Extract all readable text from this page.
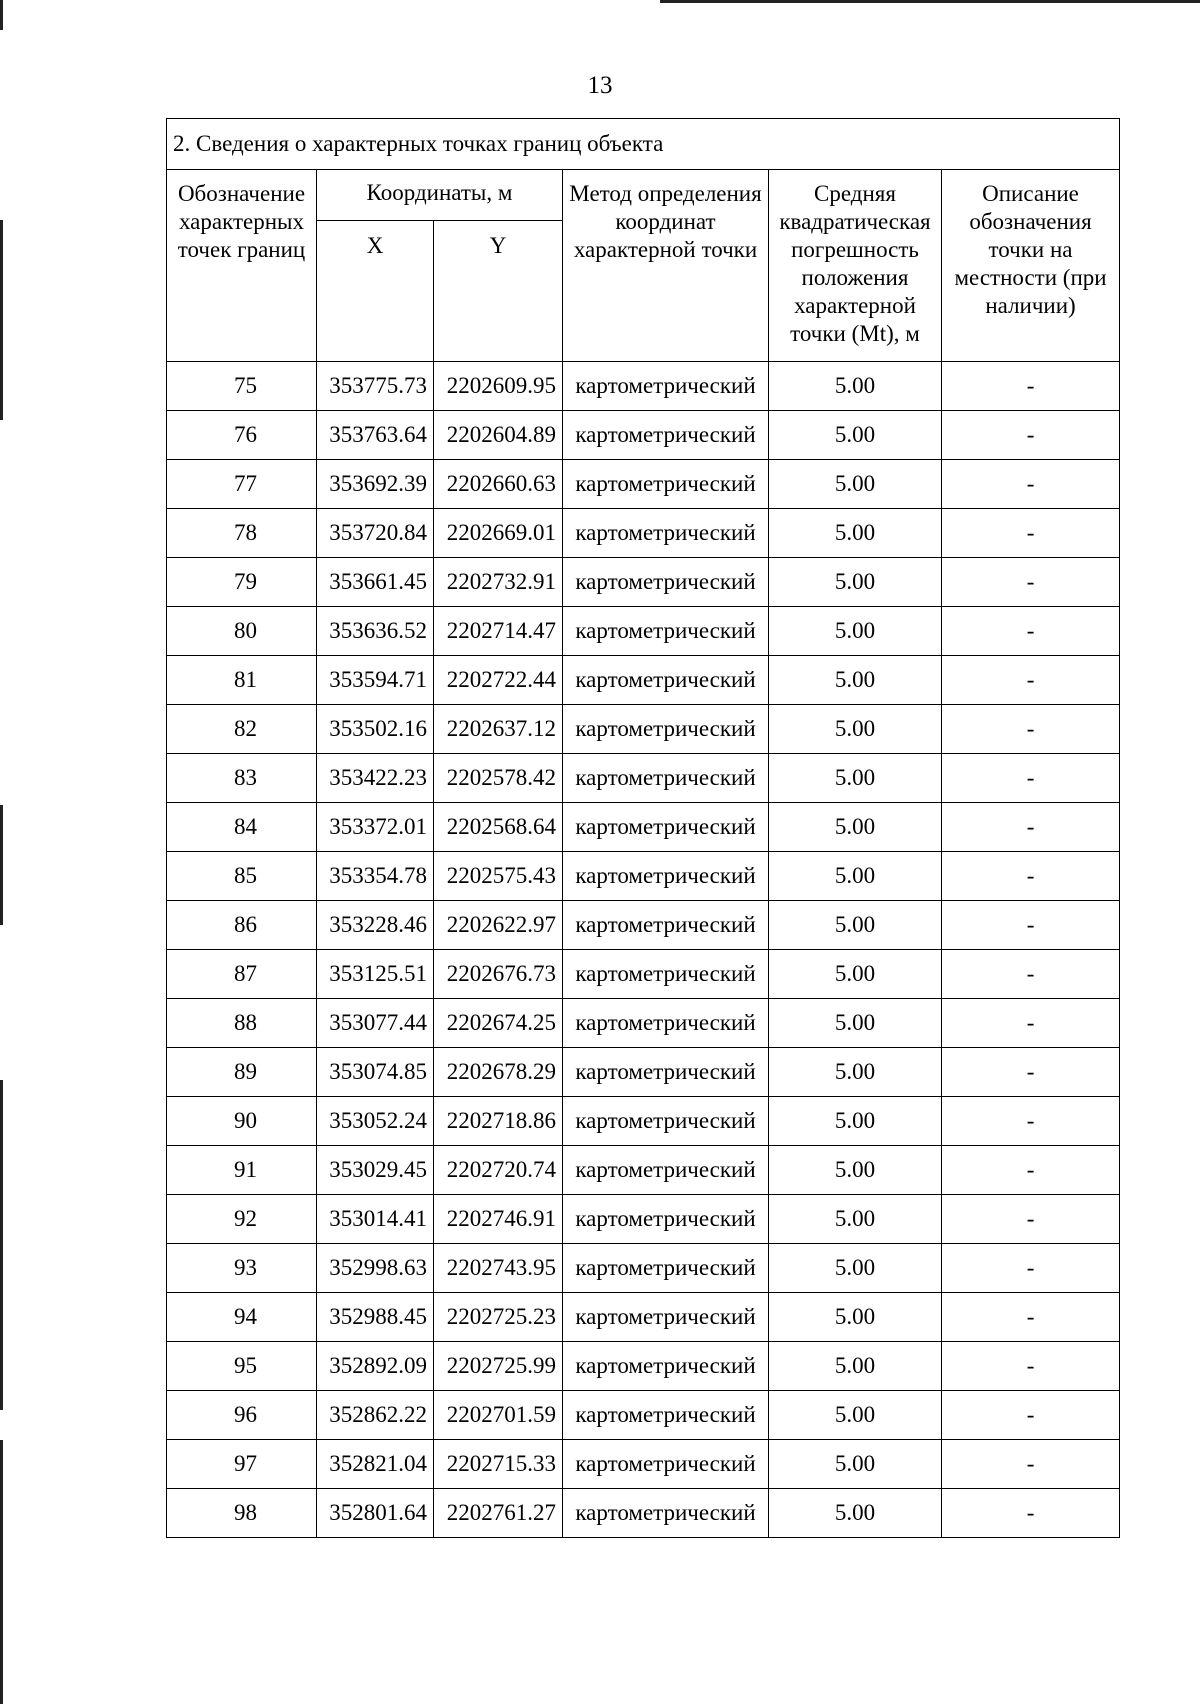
13
2. Сведения о характерных точках границ объекта					
Обозначение характерных точек границ	Координаты, м		Метод определения координат характерной точки	Средняя квадратическая погрешность положения характерной точки (Mt), м	Описание обозначения точки на местности (при наличии)
	X	Y			
75	353775.73	2202609.95	картометрический	5.00	-
76	353763.64	2202604.89	картометрический	5.00	-
77	353692.39	2202660.63	картометрический	5.00	-
78	353720.84	2202669.01	картометрический	5.00	-
79	353661.45	2202732.91	картометрический	5.00	-
80	353636.52	2202714.47	картометрический	5.00	-
81	353594.71	2202722.44	картометрический	5.00	-
82	353502.16	2202637.12	картометрический	5.00	-
83	353422.23	2202578.42	картометрический	5.00	-
84	353372.01	2202568.64	картометрический	5.00	-
85	353354.78	2202575.43	картометрический	5.00	-
86	353228.46	2202622.97	картометрический	5.00	-
87	353125.51	2202676.73	картометрический	5.00	-
88	353077.44	2202674.25	картометрический	5.00	-
89	353074.85	2202678.29	картометрический	5.00	-
90	353052.24	2202718.86	картометрический	5.00	-
91	353029.45	2202720.74	картометрический	5.00	-
92	353014.41	2202746.91	картометрический	5.00	-
93	352998.63	2202743.95	картометрический	5.00	-
94	352988.45	2202725.23	картометрический	5.00	-
95	352892.09	2202725.99	картометрический	5.00	-
96	352862.22	2202701.59	картометрический	5.00	-
97	352821.04	2202715.33	картометрический	5.00	-
98	352801.64	2202761.27	картометрический	5.00	-
